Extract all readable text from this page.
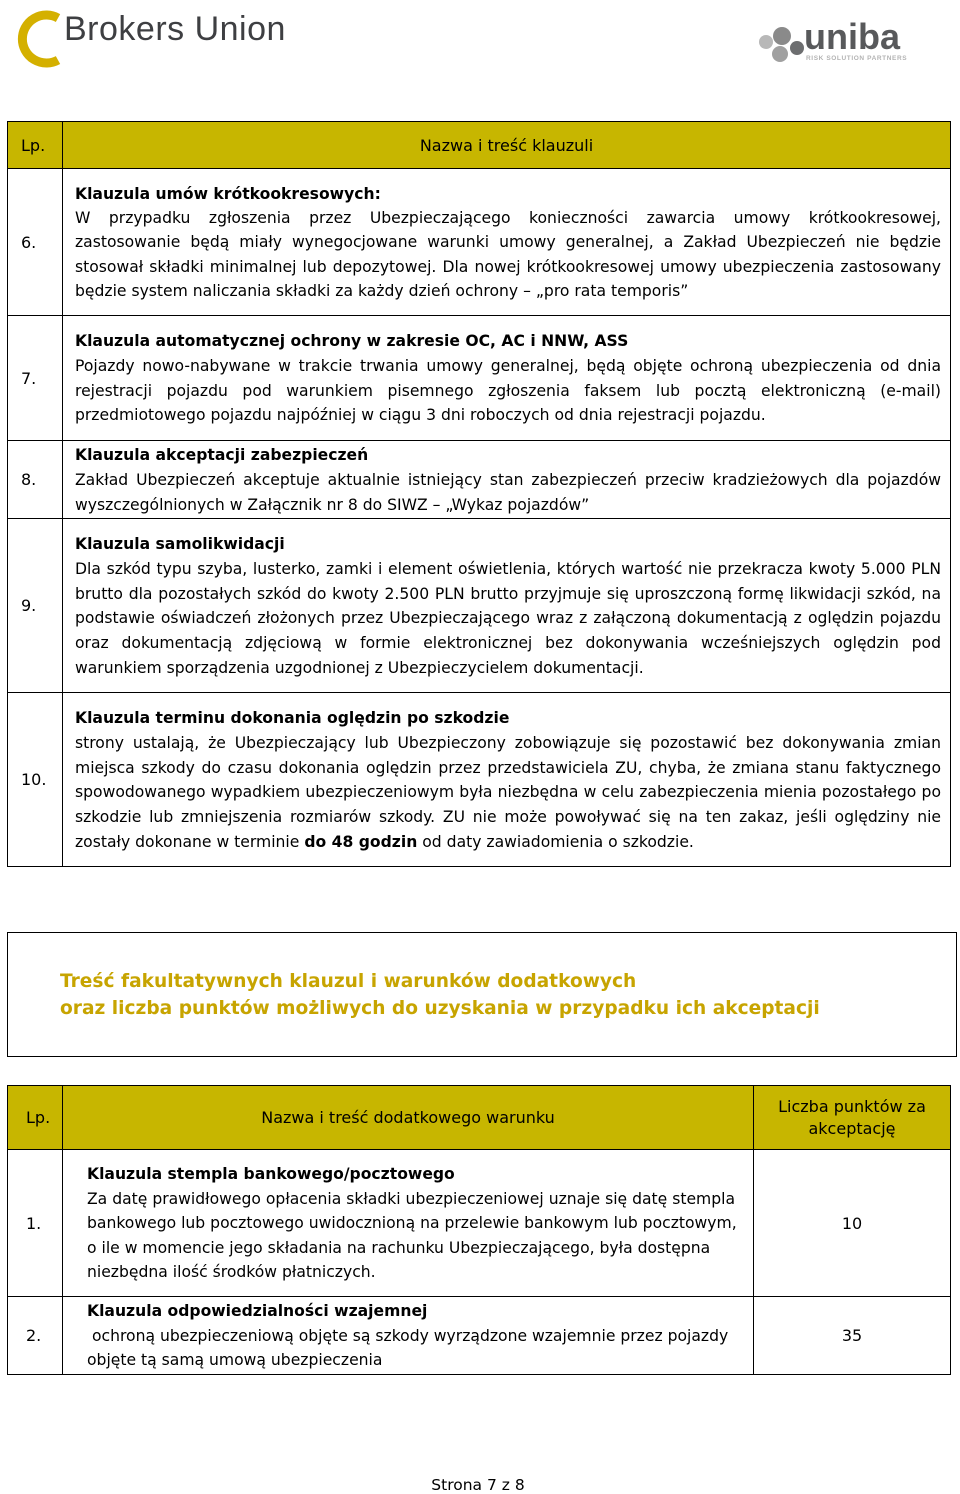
Brokers Union	uniba
RISK SOLUTION PARTNERS
Lp.	Nazwa i treść klauzuli
6.	Klauzula umów krótkookresowych:
W przypadku zgłoszenia przez Ubezpieczającego konieczności zawarcia umowy krótkookresowej, zastosowanie będą miały wynegocjowane warunki umowy generalnej, a Zakład Ubezpieczeń nie będzie stosował składki minimalnej lub depozytowej. Dla nowej krótkookresowej umowy ubezpieczenia zastosowany będzie system naliczania składki za każdy dzień ochrony – „pro rata temporis”

7.	Klauzula automatycznej ochrony w zakresie OC, AC i NNW, ASS
Pojazdy nowo-nabywane w trakcie trwania umowy generalnej, będą objęte ochroną ubezpieczenia od dnia rejestracji pojazdu pod warunkiem pisemnego zgłoszenia faksem lub pocztą elektroniczną (e-mail) przedmiotowego pojazdu najpóźniej w ciągu 3 dni roboczych od dnia rejestracji pojazdu.

8.	Klauzula akceptacji zabezpieczeń
Zakład Ubezpieczeń akceptuje aktualnie istniejący stan zabezpieczeń przeciw kradzieżowych dla pojazdów wyszczególnionych w Załącznik nr 8 do SIWZ – „Wykaz pojazdów”

9.	Klauzula samolikwidacji
Dla szkód typu szyba, lusterko, zamki i element oświetlenia, których wartość nie przekracza kwoty 5.000 PLN brutto dla pozostałych szkód do kwoty 2.500 PLN brutto przyjmuje się uproszczoną formę likwidacji szkód, na podstawie oświadczeń złożonych przez Ubezpieczającego wraz z załączoną dokumentacją z oględzin pojazdu oraz dokumentacją zdjęciową w formie elektronicznej bez dokonywania wcześniejszych oględzin pod warunkiem sporządzenia uzgodnionej z Ubezpieczycielem dokumentacji.

10.	Klauzula terminu dokonania oględzin po szkodzie
strony ustalają, że Ubezpieczający lub Ubezpieczony zobowiązuje się pozostawić bez dokonywania zmian miejsca szkody do czasu dokonania oględzin przez przedstawiciela ZU, chyba, że zmiana stanu faktycznego spowodowanego wypadkiem ubezpieczeniowym była niezbędna w celu zabezpieczenia mienia pozostałego po szkodzie lub zmniejszenia rozmiarów szkody. ZU nie może powoływać się na ten zakaz, jeśli oględziny nie zostały dokonane w terminie do 48 godzin od daty zawiadomienia o szkodzie.
Treść fakultatywnych klauzul i warunków dodatkowych
oraz liczba punktów możliwych do uzyskania w przypadku ich akceptacji
Lp.	Nazwa i treść dodatkowego warunku	Liczba punktów za akceptację
1.	Klauzula stempla bankowego/pocztowego
Za datę prawidłowego opłacenia składki ubezpieczeniowej uznaje się datę stempla bankowego lub pocztowego uwidocznioną na przelewie bankowym lub pocztowym, o ile w momencie jego składania na rachunku Ubezpieczającego, była dostępna niezbędna ilość środków płatniczych.	10
2.	Klauzula odpowiedzialności wzajemnej
ochroną ubezpieczeniową objęte są szkody wyrządzone wzajemnie przez pojazdy objęte tą samą umową ubezpieczenia	35
Strona 7 z 8
